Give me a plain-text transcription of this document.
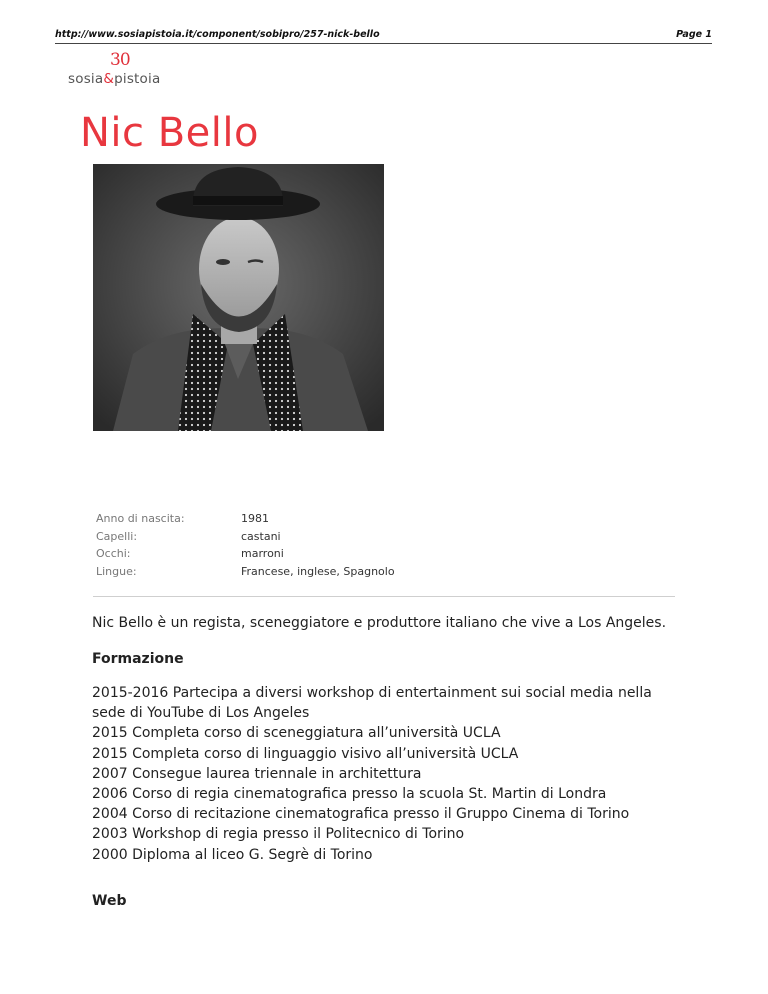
http://www.sosiapistoia.it/component/sobipro/257-nick-bello	Page 1
30
sosia&pistoia
Nic Bello
Anno di nascita:	1981
Capelli:	castani
Occhi:	marroni
Lingue:	Francese, inglese, Spagnolo
Nic Bello è un regista, sceneggiatore e produttore italiano che vive a Los Angeles.
Formazione
2015-2016 Partecipa a diversi workshop di entertainment sui social media nella
sede di YouTube di Los Angeles
2015 Completa corso di sceneggiatura all’università UCLA
2015 Completa corso di linguaggio visivo all’università UCLA
2007 Consegue laurea triennale in architettura
2006 Corso di regia cinematografica presso la scuola St. Martin di Londra
2004 Corso di recitazione cinematografica presso il Gruppo Cinema di Torino
2003 Workshop di regia presso il Politecnico di Torino
2000 Diploma al liceo G. Segrè di Torino
Web
